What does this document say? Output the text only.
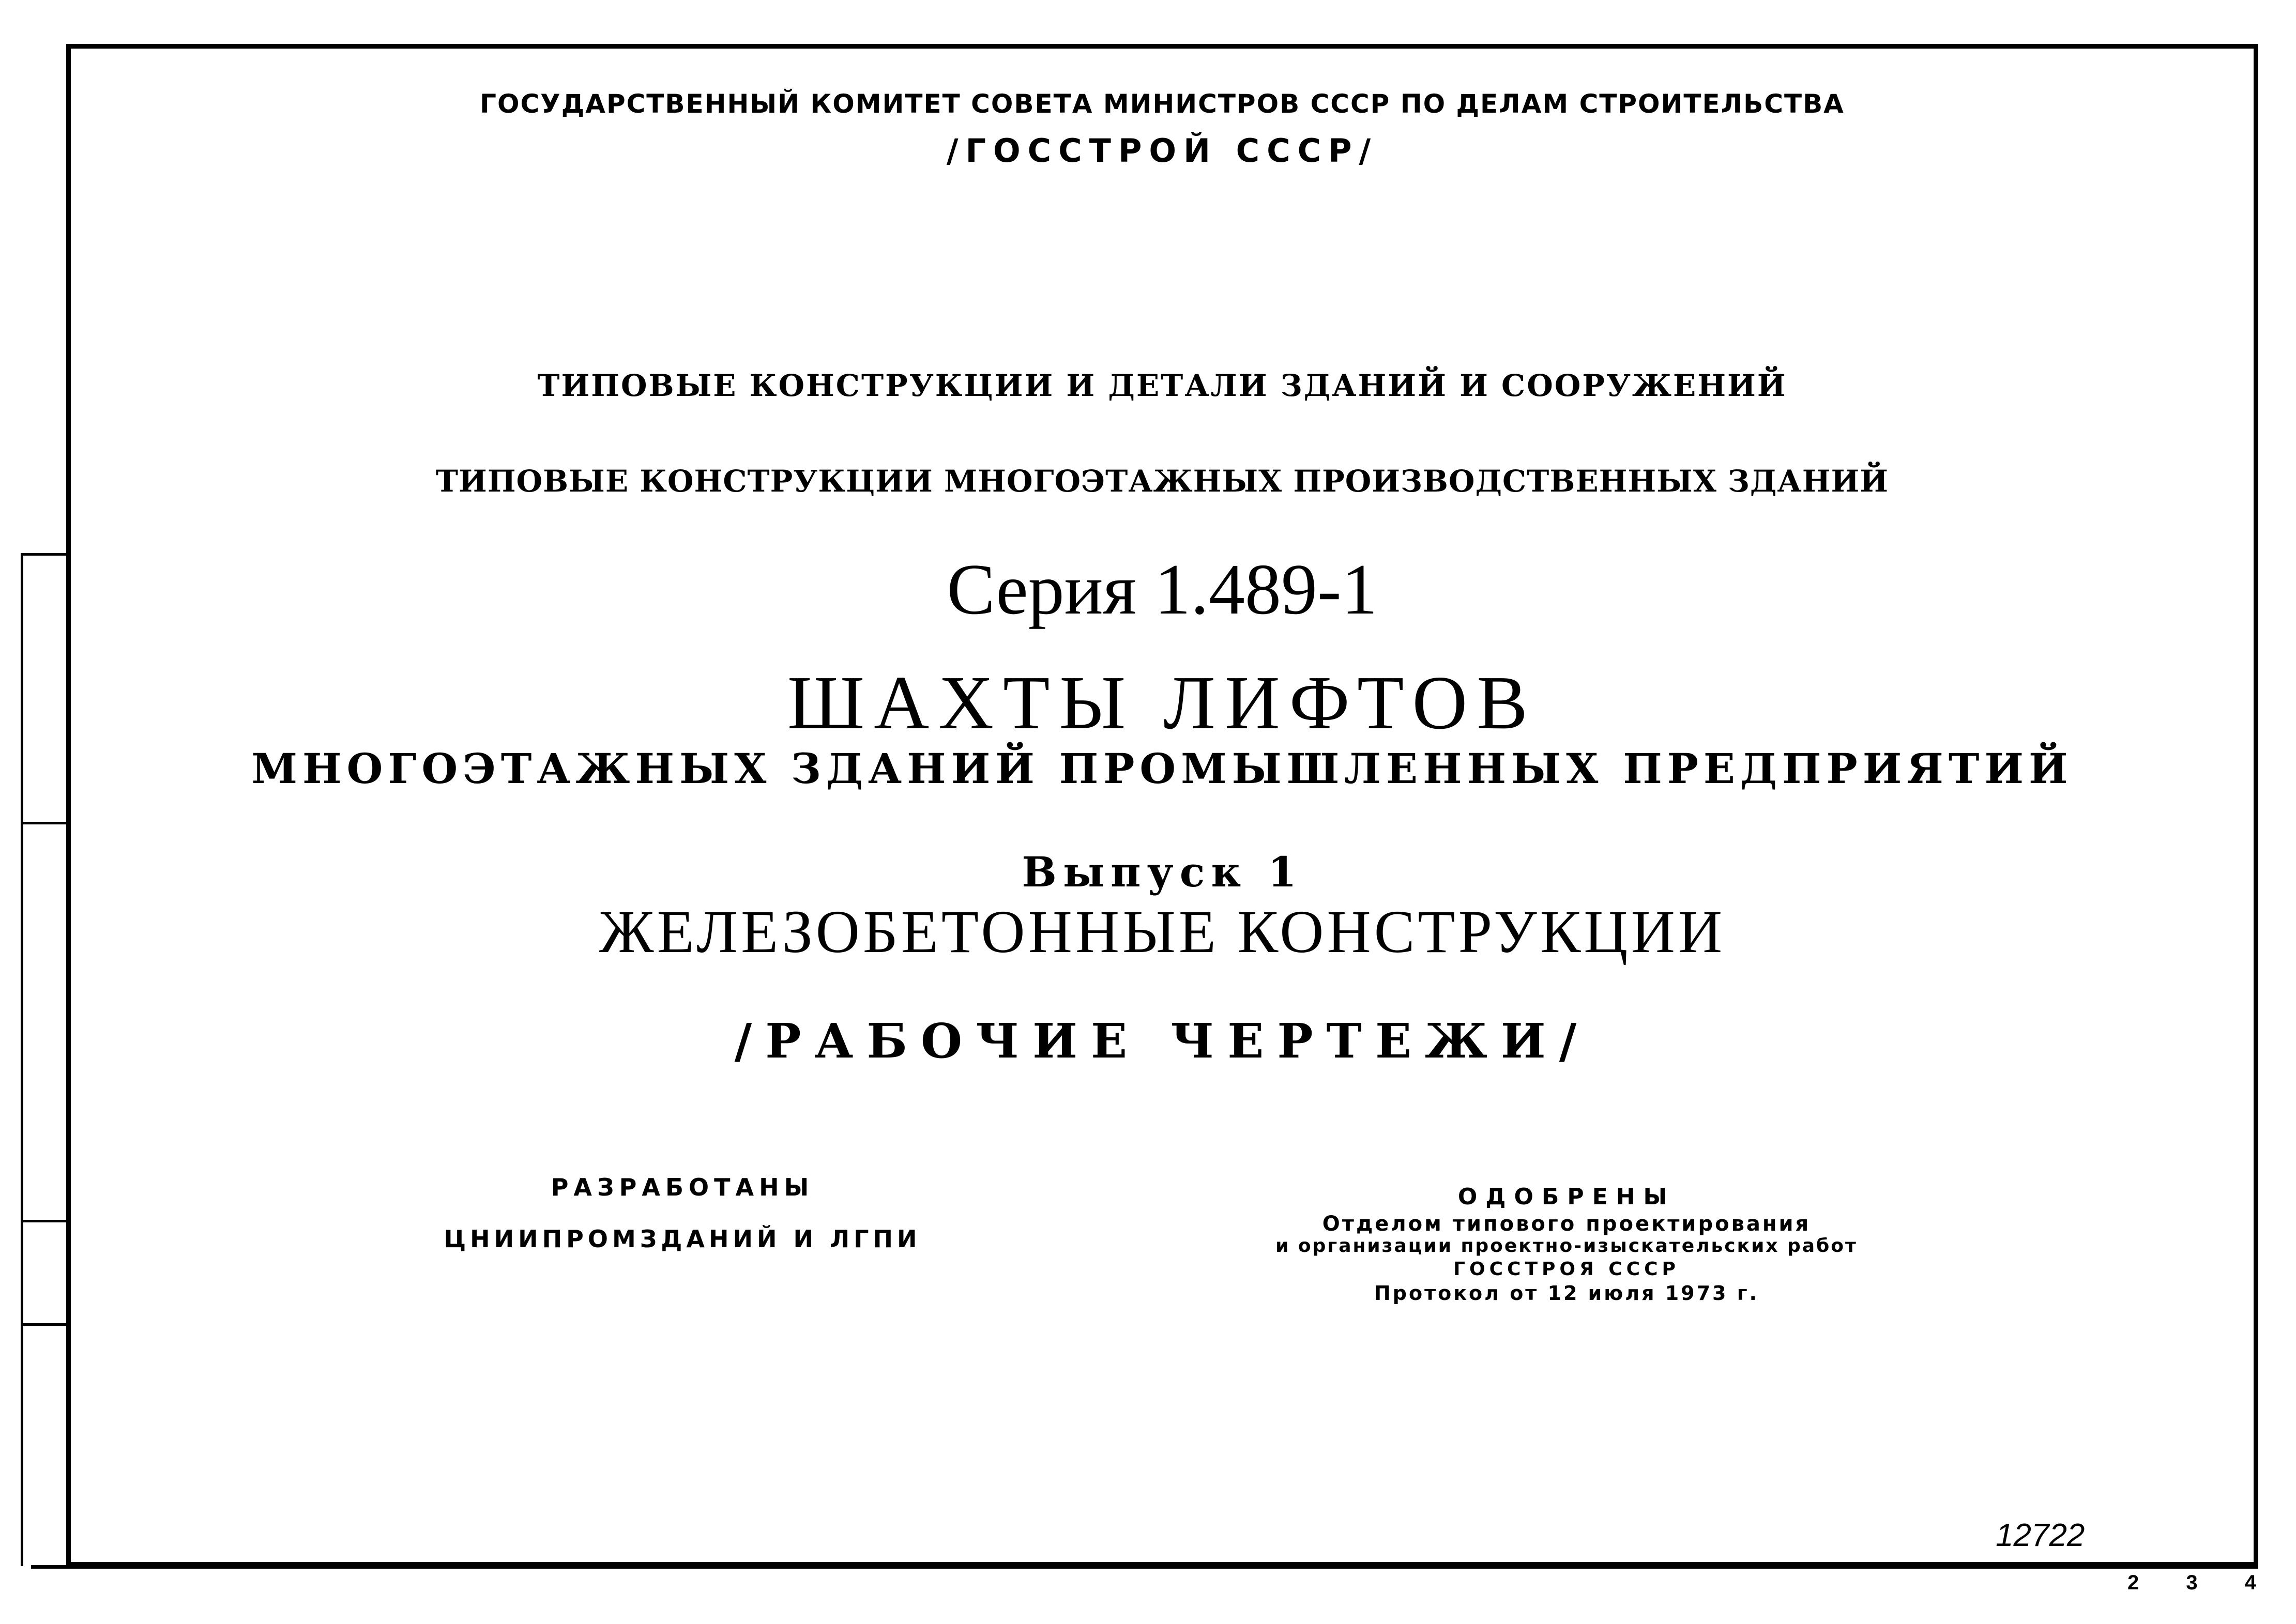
ГОСУДАРСТВЕННЫЙ КОМИТЕТ СОВЕТА МИНИСТРОВ СССР ПО ДЕЛАМ СТРОИТЕЛЬСТВА
/ГОССТРОЙ СССР/
ТИПОВЫЕ КОНСТРУКЦИИ И ДЕТАЛИ ЗДАНИЙ И СООРУЖЕНИЙ
ТИПОВЫЕ КОНСТРУКЦИИ МНОГОЭТАЖНЫХ ПРОИЗВОДСТВЕННЫХ ЗДАНИЙ
Серия 1.489-1
ШАХТЫ ЛИФТОВ
МНОГОЭТАЖНЫХ ЗДАНИЙ ПРОМЫШЛЕННЫХ ПРЕДПРИЯТИЙ
Выпуск 1
ЖЕЛЕЗОБЕТОННЫЕ КОНСТРУКЦИИ
/РАБОЧИЕ ЧЕРТЕЖИ/
РАЗРАБОТАНЫ
ЦНИИПРОМЗДАНИЙ И ЛГПИ
ОДОБРЕНЫ
Отделом типового проектирования
и организации проектно-изыскательских работ
ГОССТРОЯ СССР
Протокол от 12 июля 1973 г.
12722
2 3 4
